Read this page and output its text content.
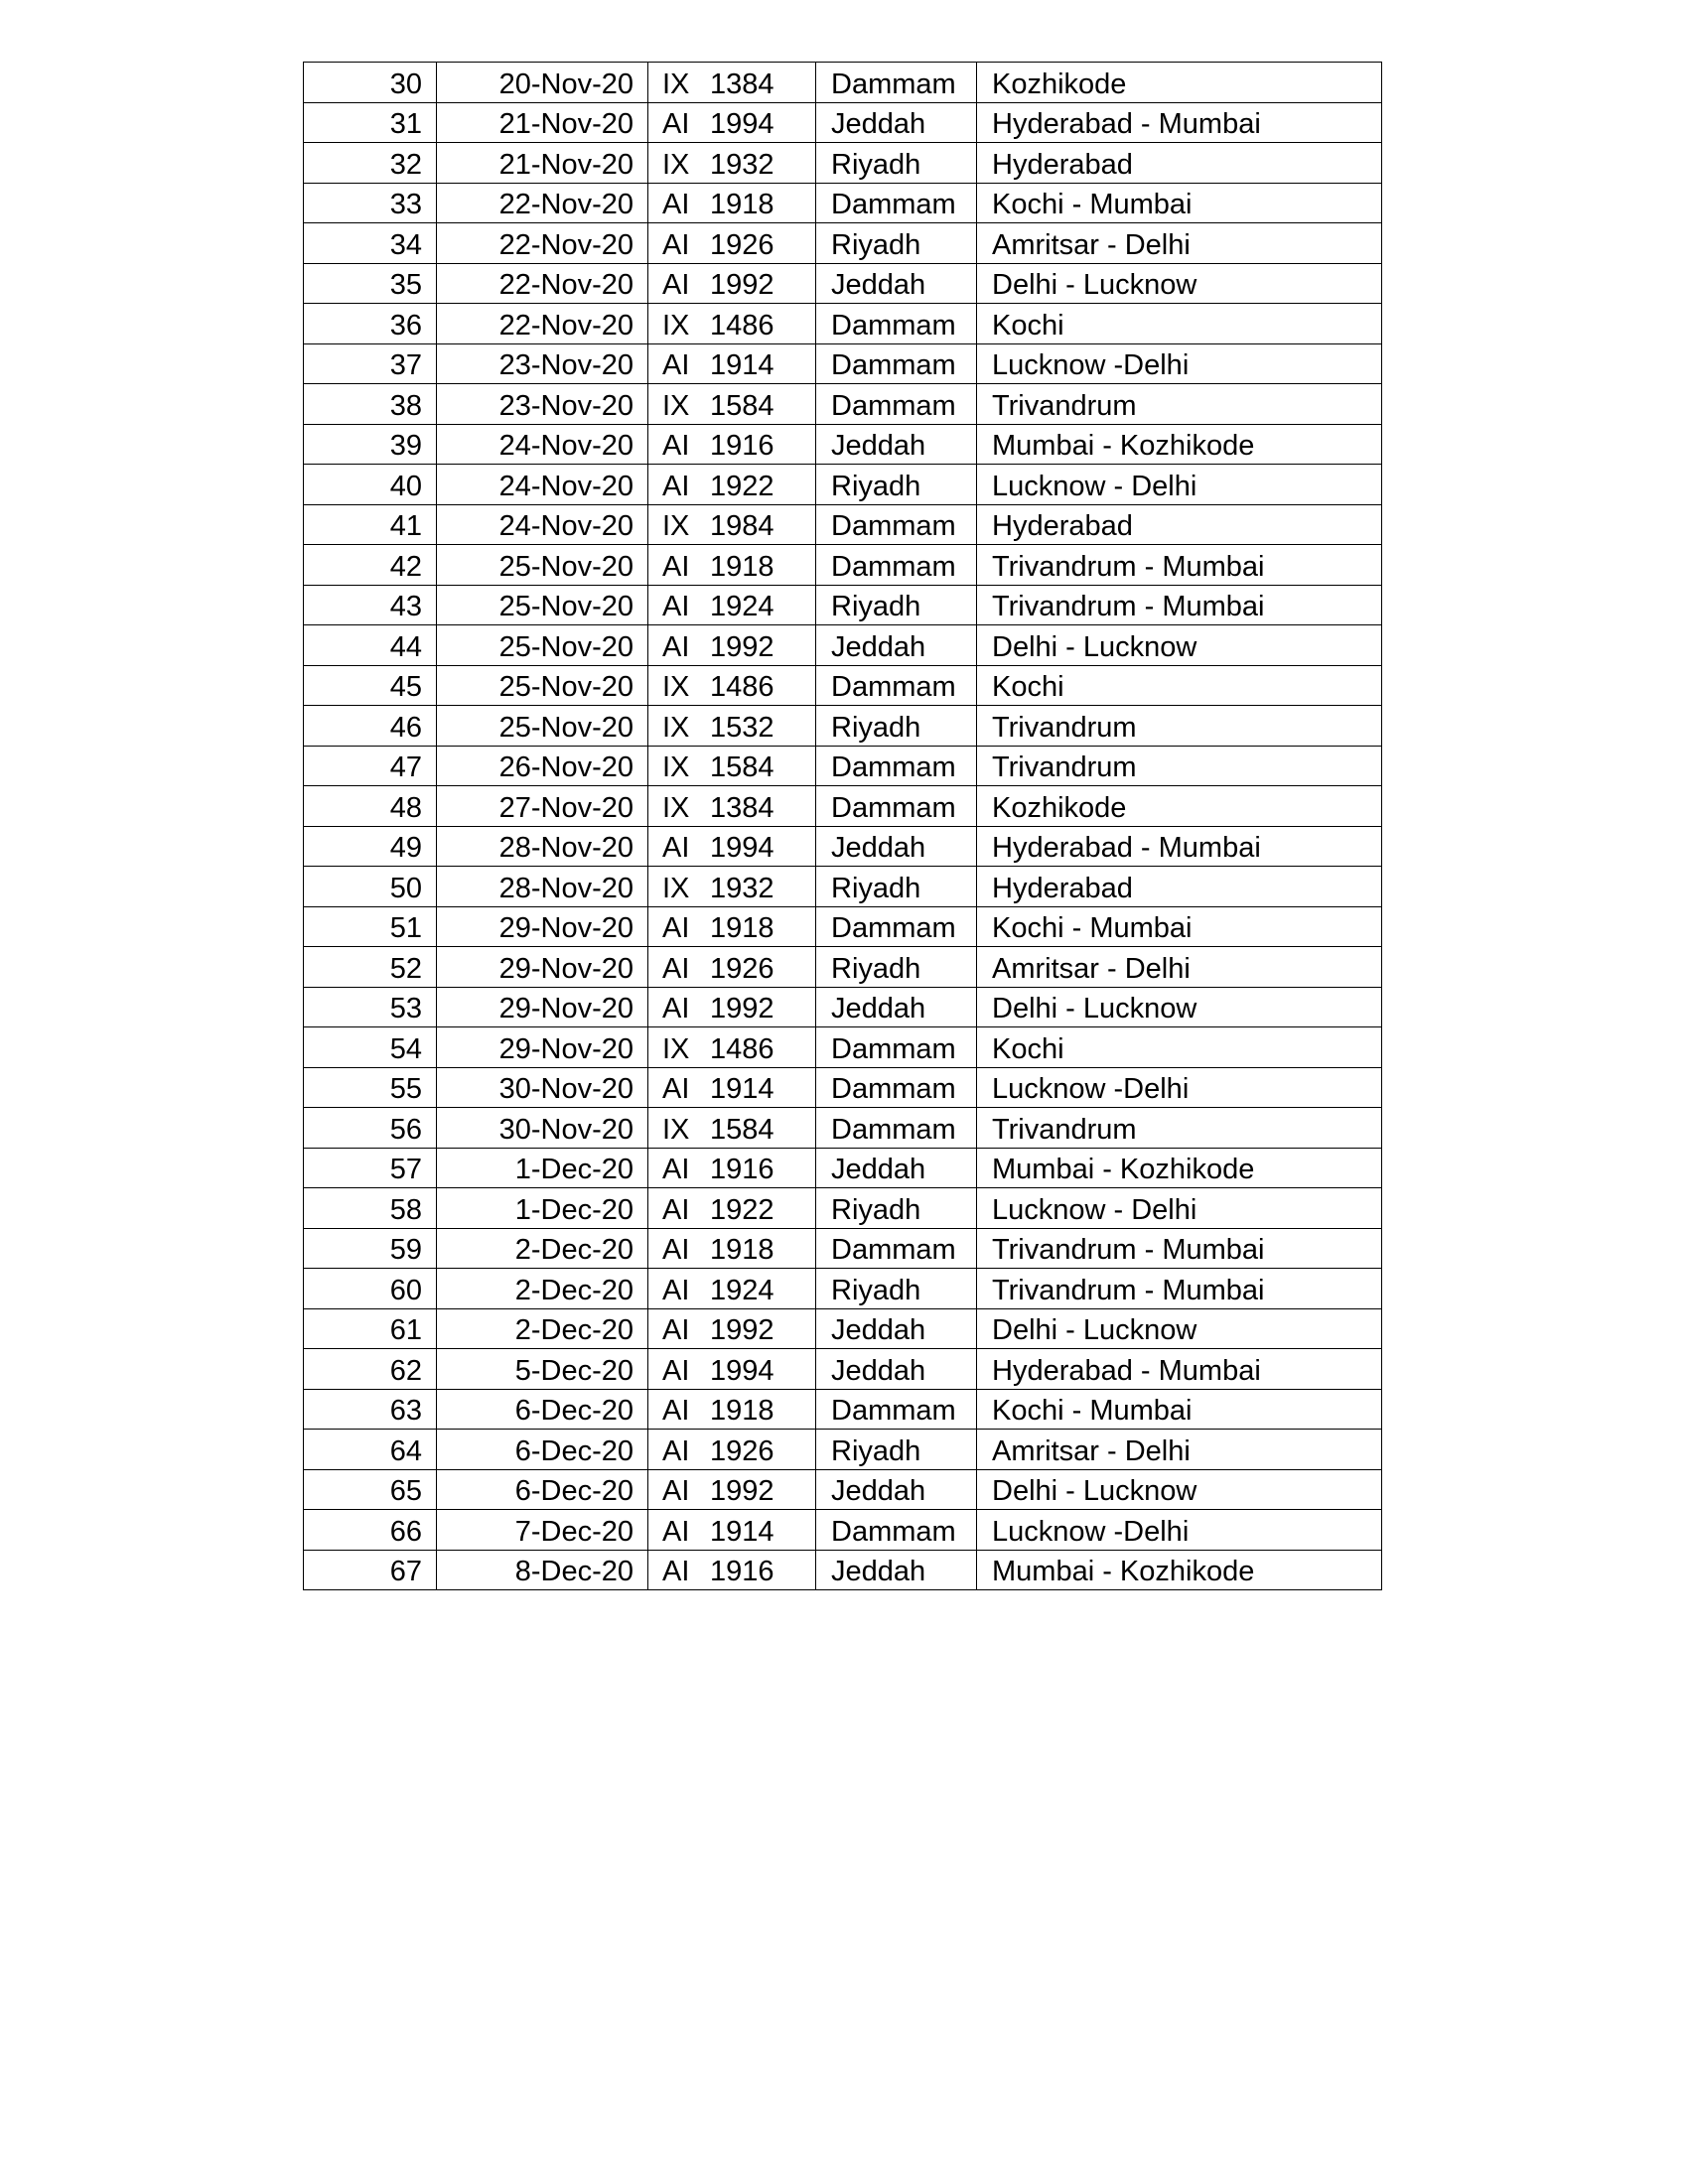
30	20-Nov-20	IX 1384	Dammam	Kozhikode
31	21-Nov-20	AI 1994	Jeddah	Hyderabad - Mumbai
32	21-Nov-20	IX 1932	Riyadh	Hyderabad
33	22-Nov-20	AI 1918	Dammam	Kochi - Mumbai
34	22-Nov-20	AI 1926	Riyadh	Amritsar - Delhi
35	22-Nov-20	AI 1992	Jeddah	Delhi - Lucknow
36	22-Nov-20	IX 1486	Dammam	Kochi
37	23-Nov-20	AI 1914	Dammam	Lucknow -Delhi
38	23-Nov-20	IX 1584	Dammam	Trivandrum
39	24-Nov-20	AI 1916	Jeddah	Mumbai - Kozhikode
40	24-Nov-20	AI 1922	Riyadh	Lucknow - Delhi
41	24-Nov-20	IX 1984	Dammam	Hyderabad
42	25-Nov-20	AI 1918	Dammam	Trivandrum - Mumbai
43	25-Nov-20	AI 1924	Riyadh	Trivandrum - Mumbai
44	25-Nov-20	AI 1992	Jeddah	Delhi - Lucknow
45	25-Nov-20	IX 1486	Dammam	Kochi
46	25-Nov-20	IX 1532	Riyadh	Trivandrum
47	26-Nov-20	IX 1584	Dammam	Trivandrum
48	27-Nov-20	IX 1384	Dammam	Kozhikode
49	28-Nov-20	AI 1994	Jeddah	Hyderabad - Mumbai
50	28-Nov-20	IX 1932	Riyadh	Hyderabad
51	29-Nov-20	AI 1918	Dammam	Kochi - Mumbai
52	29-Nov-20	AI 1926	Riyadh	Amritsar - Delhi
53	29-Nov-20	AI 1992	Jeddah	Delhi - Lucknow
54	29-Nov-20	IX 1486	Dammam	Kochi
55	30-Nov-20	AI 1914	Dammam	Lucknow -Delhi
56	30-Nov-20	IX 1584	Dammam	Trivandrum
57	1-Dec-20	AI 1916	Jeddah	Mumbai - Kozhikode
58	1-Dec-20	AI 1922	Riyadh	Lucknow - Delhi
59	2-Dec-20	AI 1918	Dammam	Trivandrum - Mumbai
60	2-Dec-20	AI 1924	Riyadh	Trivandrum - Mumbai
61	2-Dec-20	AI 1992	Jeddah	Delhi - Lucknow
62	5-Dec-20	AI 1994	Jeddah	Hyderabad - Mumbai
63	6-Dec-20	AI 1918	Dammam	Kochi - Mumbai
64	6-Dec-20	AI 1926	Riyadh	Amritsar - Delhi
65	6-Dec-20	AI 1992	Jeddah	Delhi - Lucknow
66	7-Dec-20	AI 1914	Dammam	Lucknow -Delhi
67	8-Dec-20	AI 1916	Jeddah	Mumbai - Kozhikode
